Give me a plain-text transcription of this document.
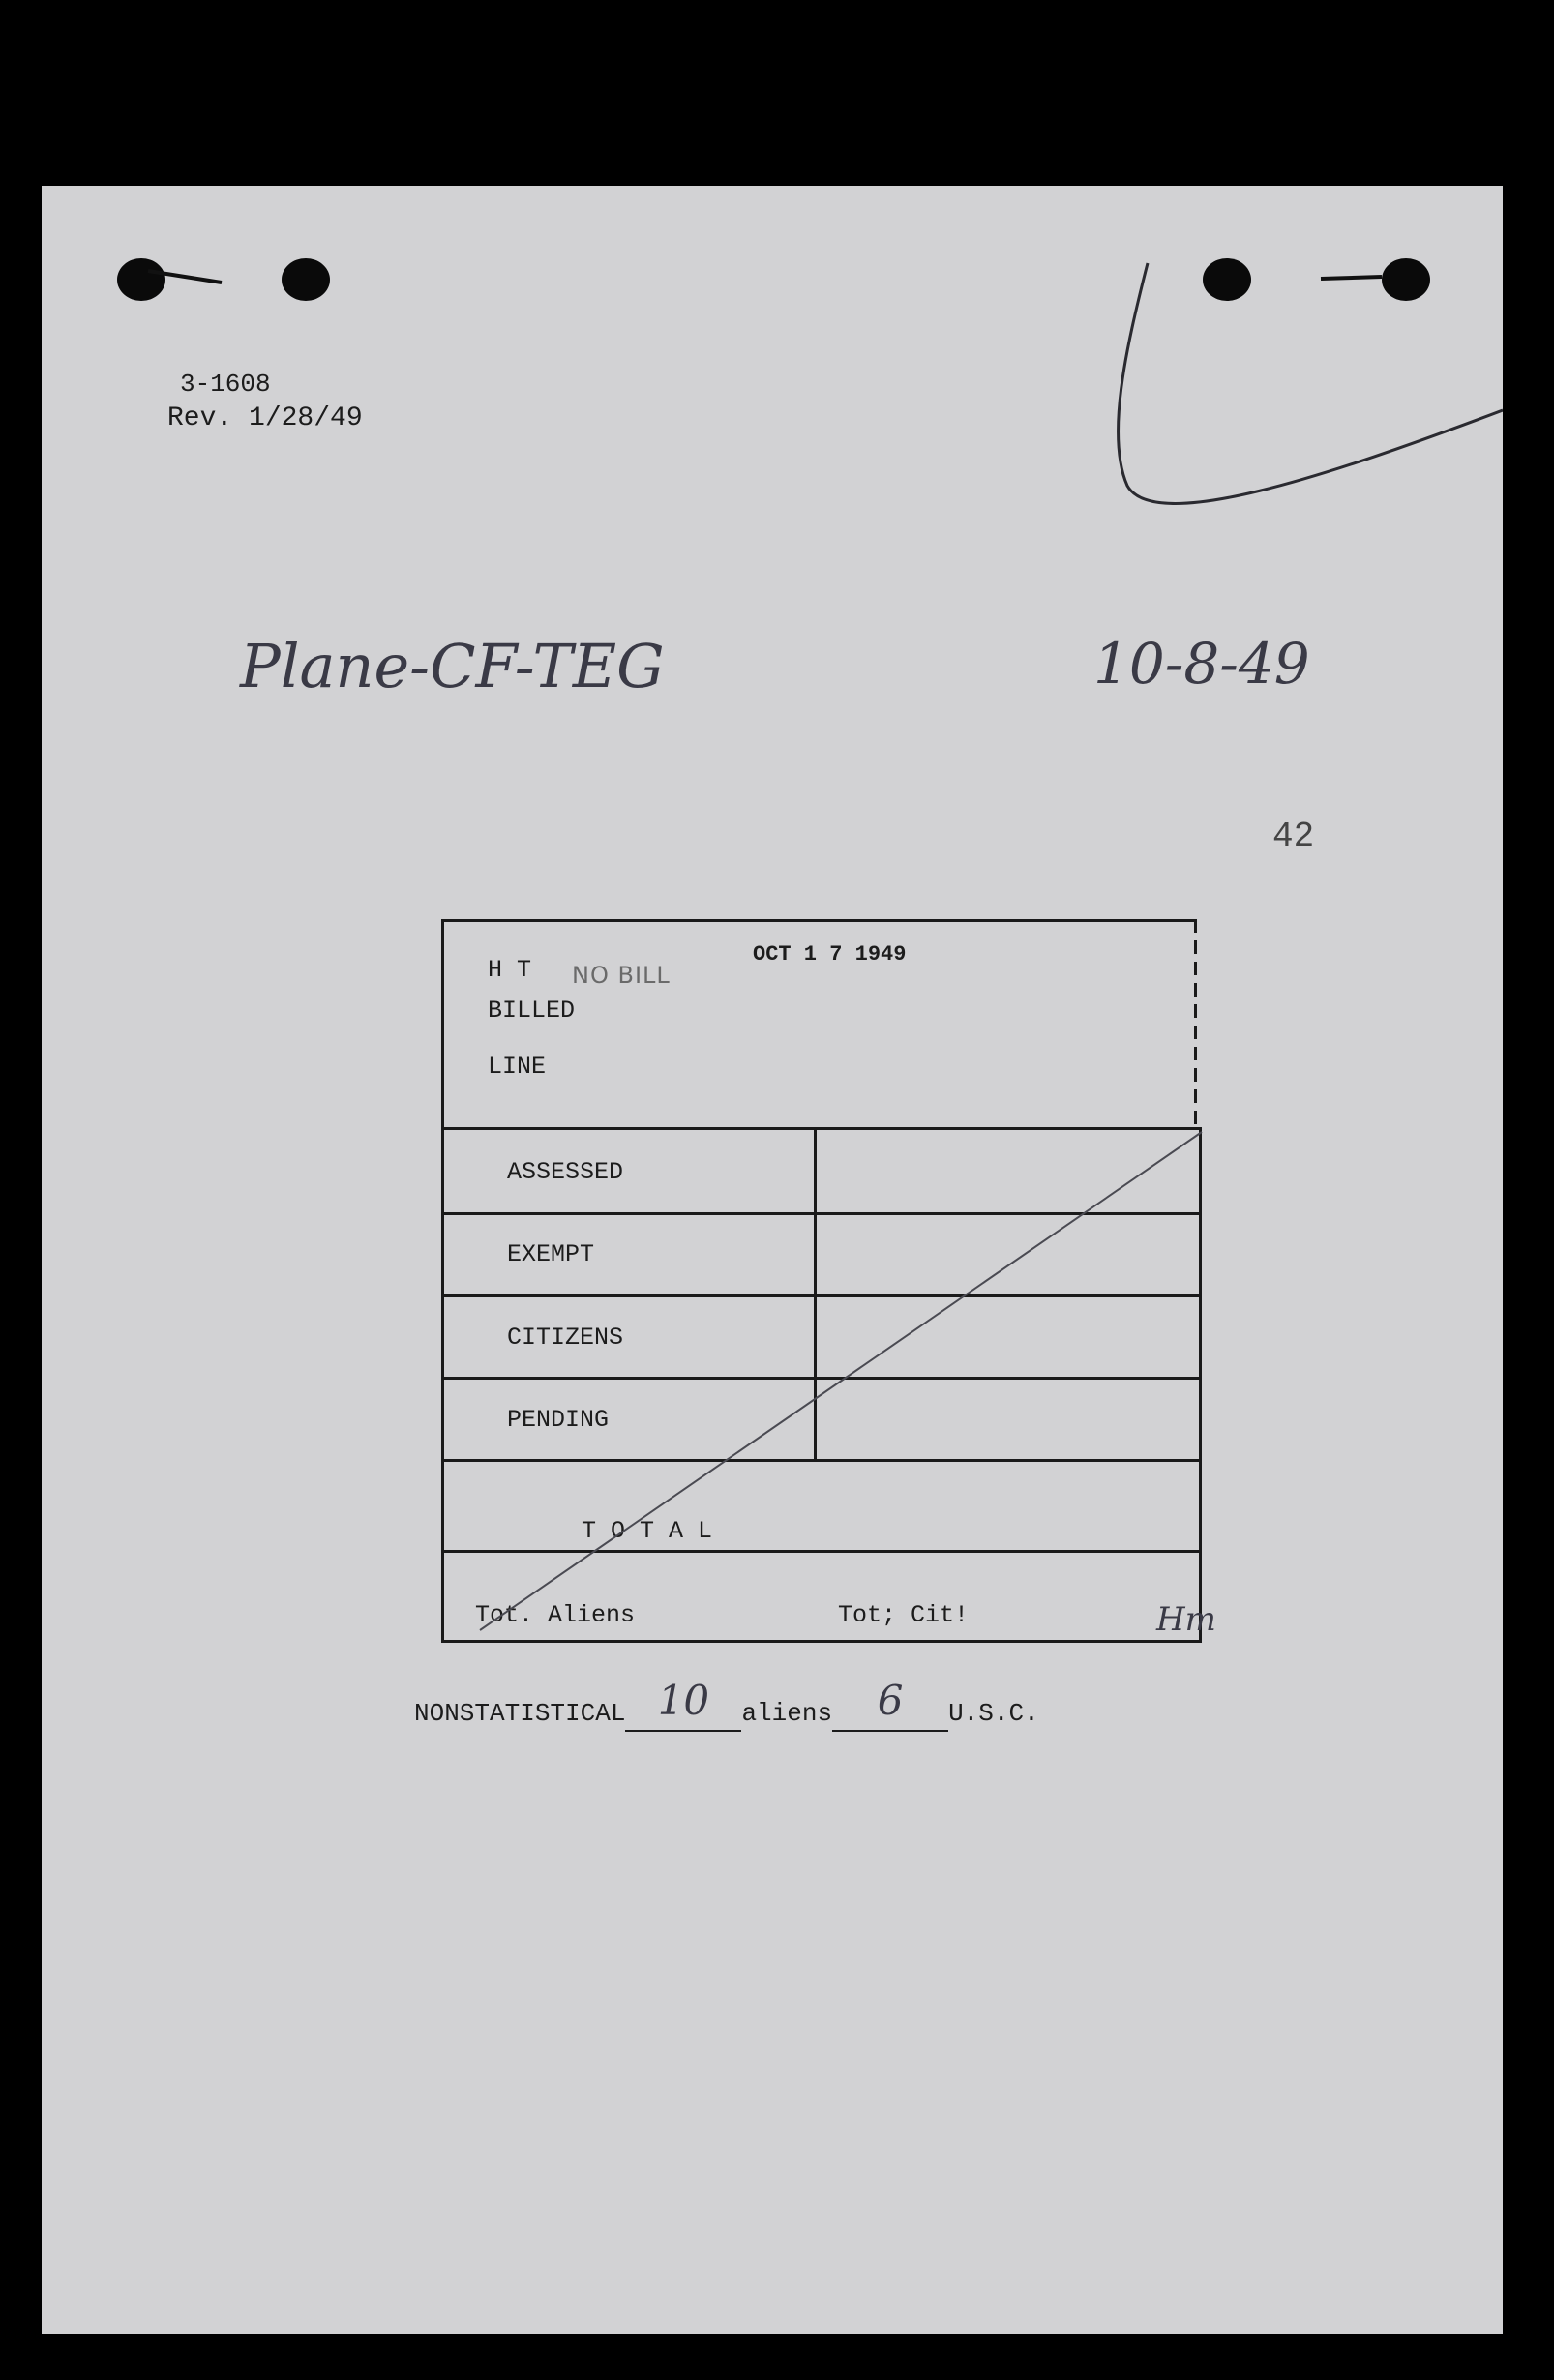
3-1608
Rev. 1/28/49
Plane-CF-TEG	10-8-49
42
H T NO BILL
OCT 1 7 1949
BILLED
LINE
ASSESSED
EXEMPT
CITIZENS
PENDING
T O T A L
Tot. Aliens	Tot; Cit!	Hm
NONSTATISTICAL 10 aliens 6 U.S.C.
